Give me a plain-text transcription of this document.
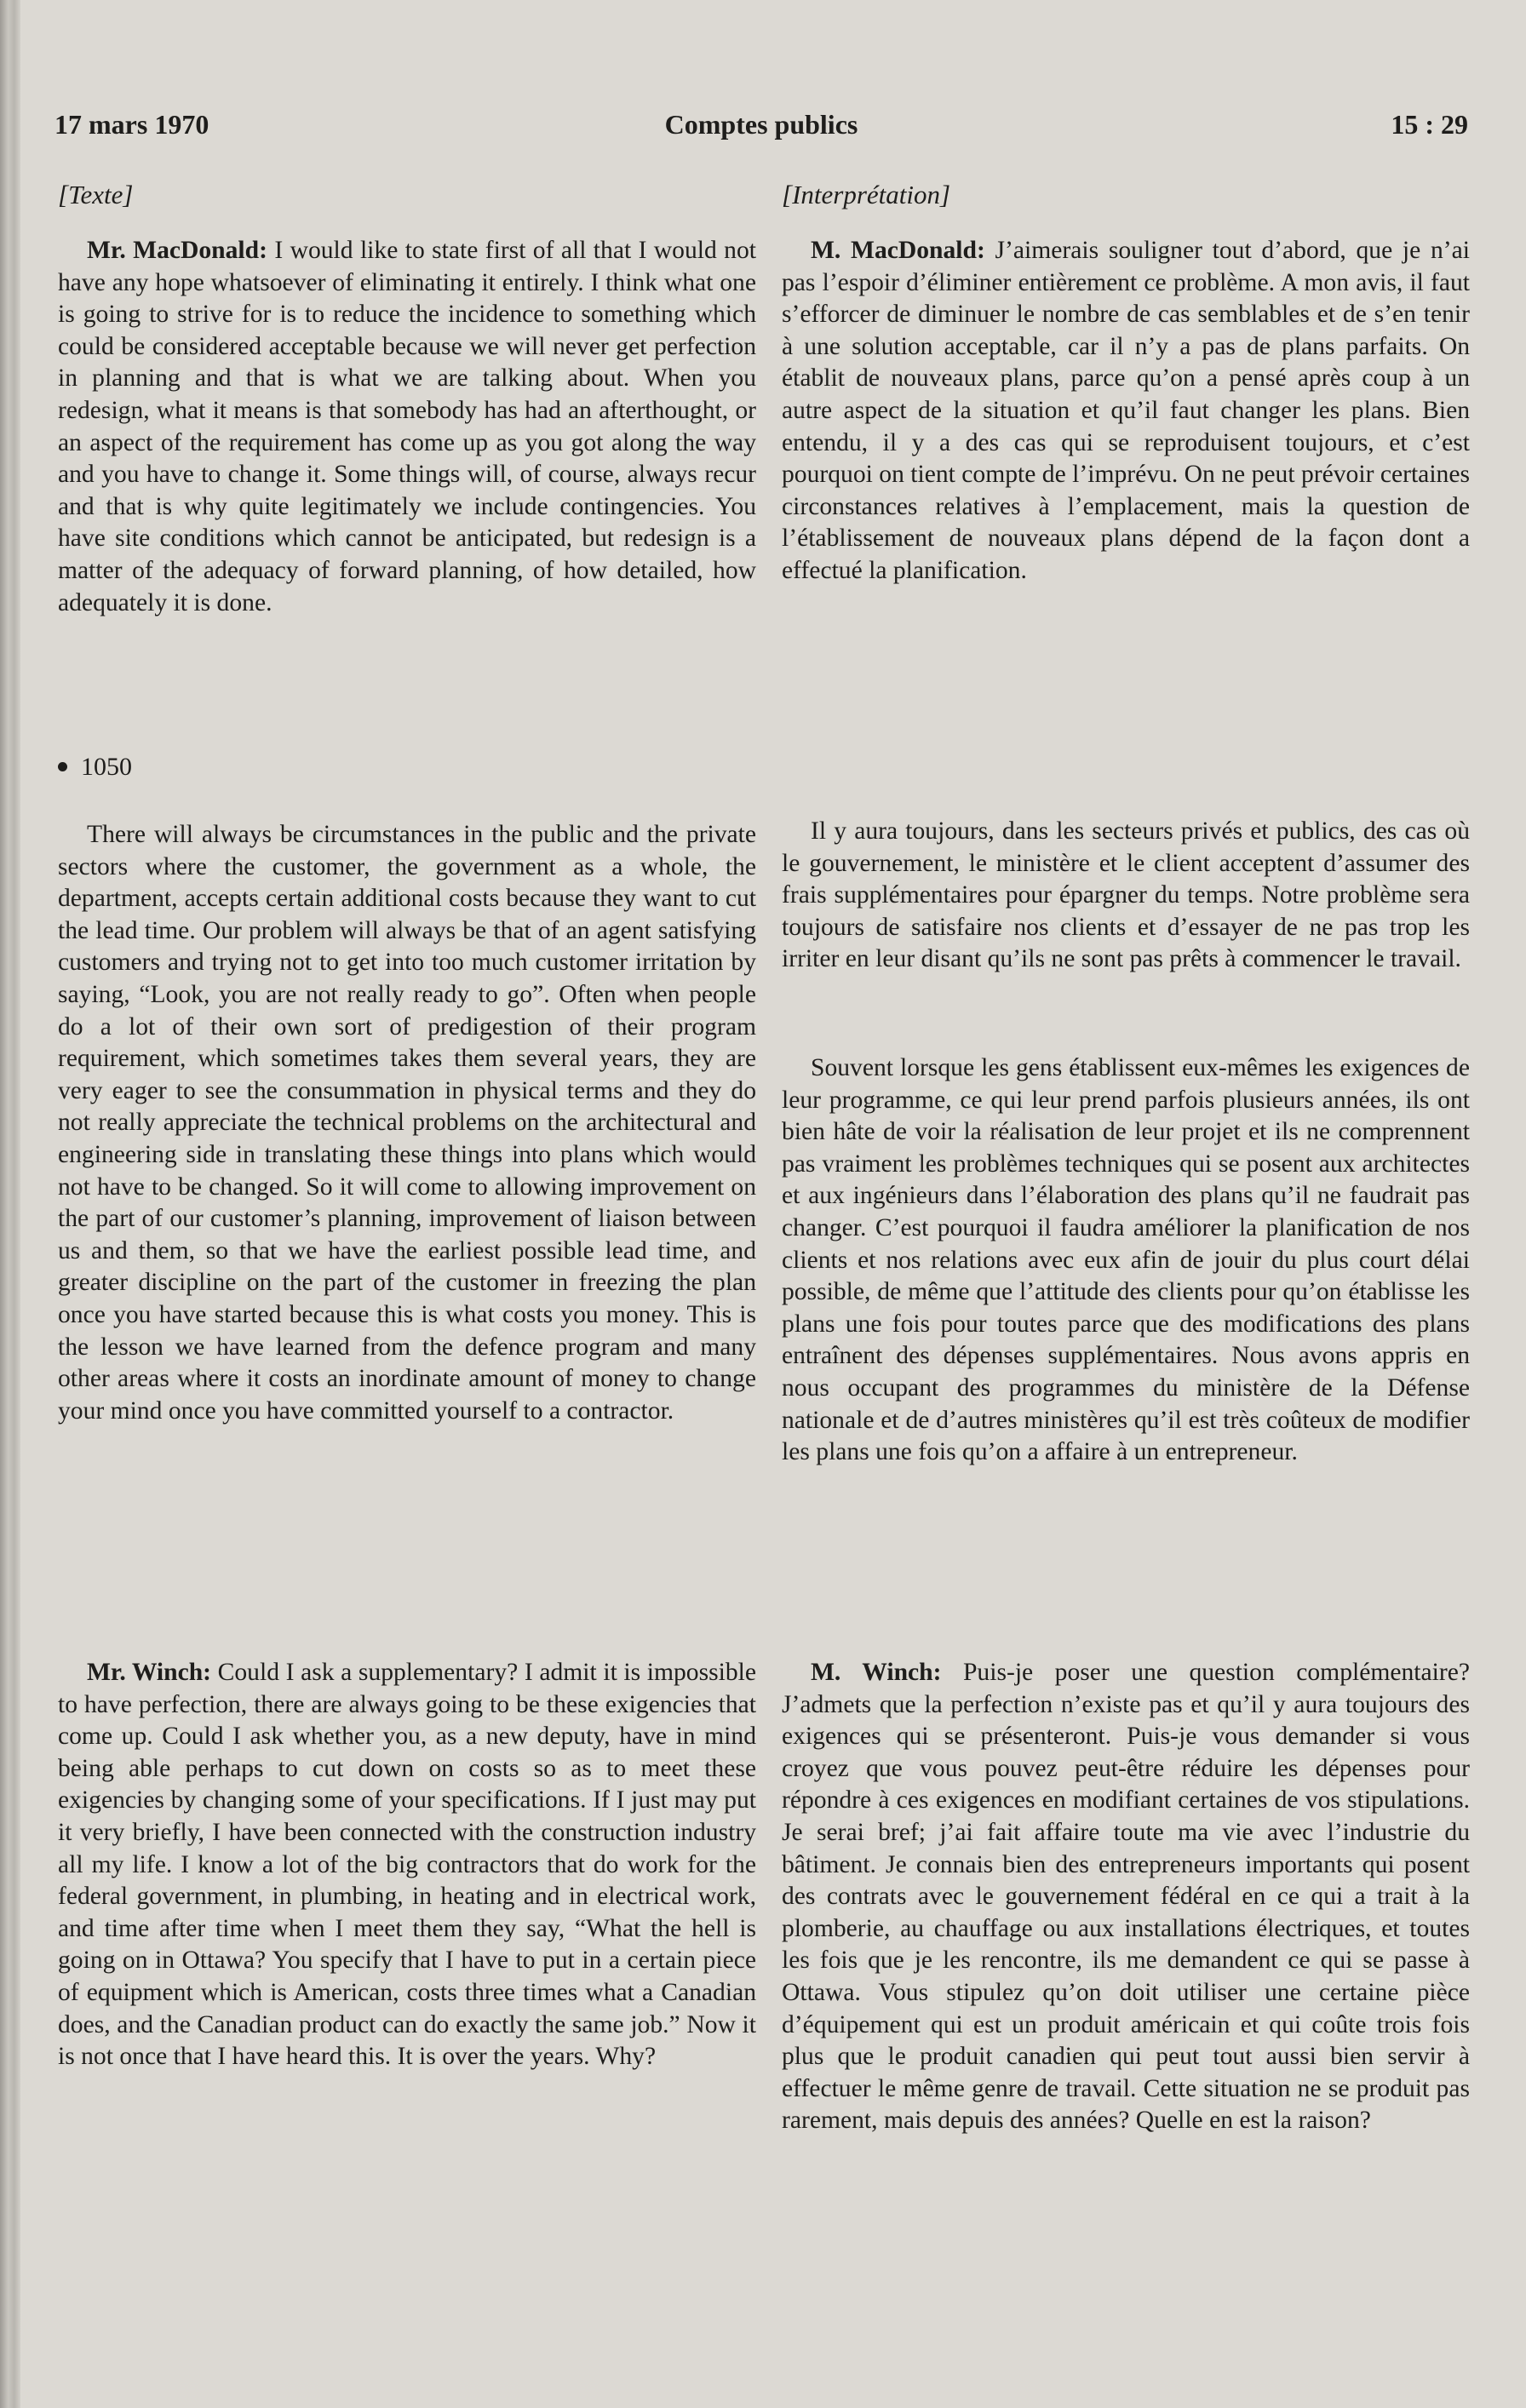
17 mars 1970	Comptes publics	15 : 29
[Texte]

Mr. MacDonald: I would like to state first of all that I would not have any hope whatsoever of eliminating it entirely. I think what one is going to strive for is to reduce the incidence to something which could be considered acceptable because we will never get perfection in planning and that is what we are talking about. When you redesign, what it means is that somebody has had an afterthought, or an aspect of the requirement has come up as you got along the way and you have to change it. Some things will, of course, always recur and that is why quite legitimately we include contingencies. You have site conditions which cannot be anticipated, but redesign is a matter of the adequacy of forward planning, of how detailed, how adequately it is done.

1050

There will always be circumstances in the public and the private sectors where the customer, the government as a whole, the department, accepts certain additional costs because they want to cut the lead time. Our problem will always be that of an agent satisfying customers and trying not to get into too much customer irritation by saying, “Look, you are not really ready to go”. Often when people do a lot of their own sort of predigestion of their program requirement, which sometimes takes them several years, they are very eager to see the consummation in physical terms and they do not really appreciate the technical problems on the architectural and engineering side in translating these things into plans which would not have to be changed. So it will come to allowing improvement on the part of our customer’s planning, improvement of liaison between us and them, so that we have the earliest possible lead time, and greater discipline on the part of the customer in freezing the plan once you have started because this is what costs you money. This is the lesson we have learned from the defence program and many other areas where it costs an inordinate amount of money to change your mind once you have committed yourself to a contractor.

Mr. Winch: Could I ask a supplementary? I admit it is impossible to have perfection, there are always going to be these exigencies that come up. Could I ask whether you, as a new deputy, have in mind being able perhaps to cut down on costs so as to meet these exigencies by changing some of your specifications. If I just may put it very briefly, I have been connected with the construction industry all my life. I know a lot of the big contractors that do work for the federal government, in plumbing, in heating and in electrical work, and time after time when I meet them they say, “What the hell is going on in Ottawa? You specify that I have to put in a certain piece of equipment which is American, costs three times what a Canadian does, and the Canadian product can do exactly the same job.” Now it is not once that I have heard this. It is over the years. Why?

[Interprétation]

M. MacDonald: J’aimerais souligner tout d’abord, que je n’ai pas l’espoir d’éliminer entièrement ce problème. A mon avis, il faut s’efforcer de diminuer le nombre de cas semblables et de s’en tenir à une solution acceptable, car il n’y a pas de plans parfaits. On établit de nouveaux plans, parce qu’on a pensé après coup à un autre aspect de la situation et qu’il faut changer les plans. Bien entendu, il y a des cas qui se reproduisent toujours, et c’est pourquoi on tient compte de l’imprévu. On ne peut prévoir certaines circonstances relatives à l’emplacement, mais la question de l’établissement de nouveaux plans dépend de la façon dont a effectué la planification.

Il y aura toujours, dans les secteurs privés et publics, des cas où le gouvernement, le ministère et le client acceptent d’assumer des frais supplémentaires pour épargner du temps. Notre problème sera toujours de satisfaire nos clients et d’essayer de ne pas trop les irriter en leur disant qu’ils ne sont pas prêts à commencer le travail.

Souvent lorsque les gens établissent eux-mêmes les exigences de leur programme, ce qui leur prend parfois plusieurs années, ils ont bien hâte de voir la réalisation de leur projet et ils ne comprennent pas vraiment les problèmes techniques qui se posent aux architectes et aux ingénieurs dans l’élaboration des plans qu’il ne faudrait pas changer. C’est pourquoi il faudra améliorer la planification de nos clients et nos relations avec eux afin de jouir du plus court délai possible, de même que l’attitude des clients pour qu’on établisse les plans une fois pour toutes parce que des modifications des plans entraînent des dépenses supplémentaires. Nous avons appris en nous occupant des programmes du ministère de la Défense nationale et de d’autres ministères qu’il est très coûteux de modifier les plans une fois qu’on a affaire à un entrepreneur.

M. Winch: Puis-je poser une question complémentaire? J’admets que la perfection n’existe pas et qu’il y aura toujours des exigences qui se présenteront. Puis-je vous demander si vous croyez que vous pouvez peut-être réduire les dépenses pour répondre à ces exigences en modifiant certaines de vos stipulations. Je serai bref; j’ai fait affaire toute ma vie avec l’industrie du bâtiment. Je connais bien des entrepreneurs importants qui posent des contrats avec le gouvernement fédéral en ce qui a trait à la plomberie, au chauffage ou aux installations électriques, et toutes les fois que je les rencontre, ils me demandent ce qui se passe à Ottawa. Vous stipulez qu’on doit utiliser une certaine pièce d’équipement qui est un produit américain et qui coûte trois fois plus que le produit canadien qui peut tout aussi bien servir à effectuer le même genre de travail. Cette situation ne se produit pas rarement, mais depuis des années? Quelle en est la raison?
